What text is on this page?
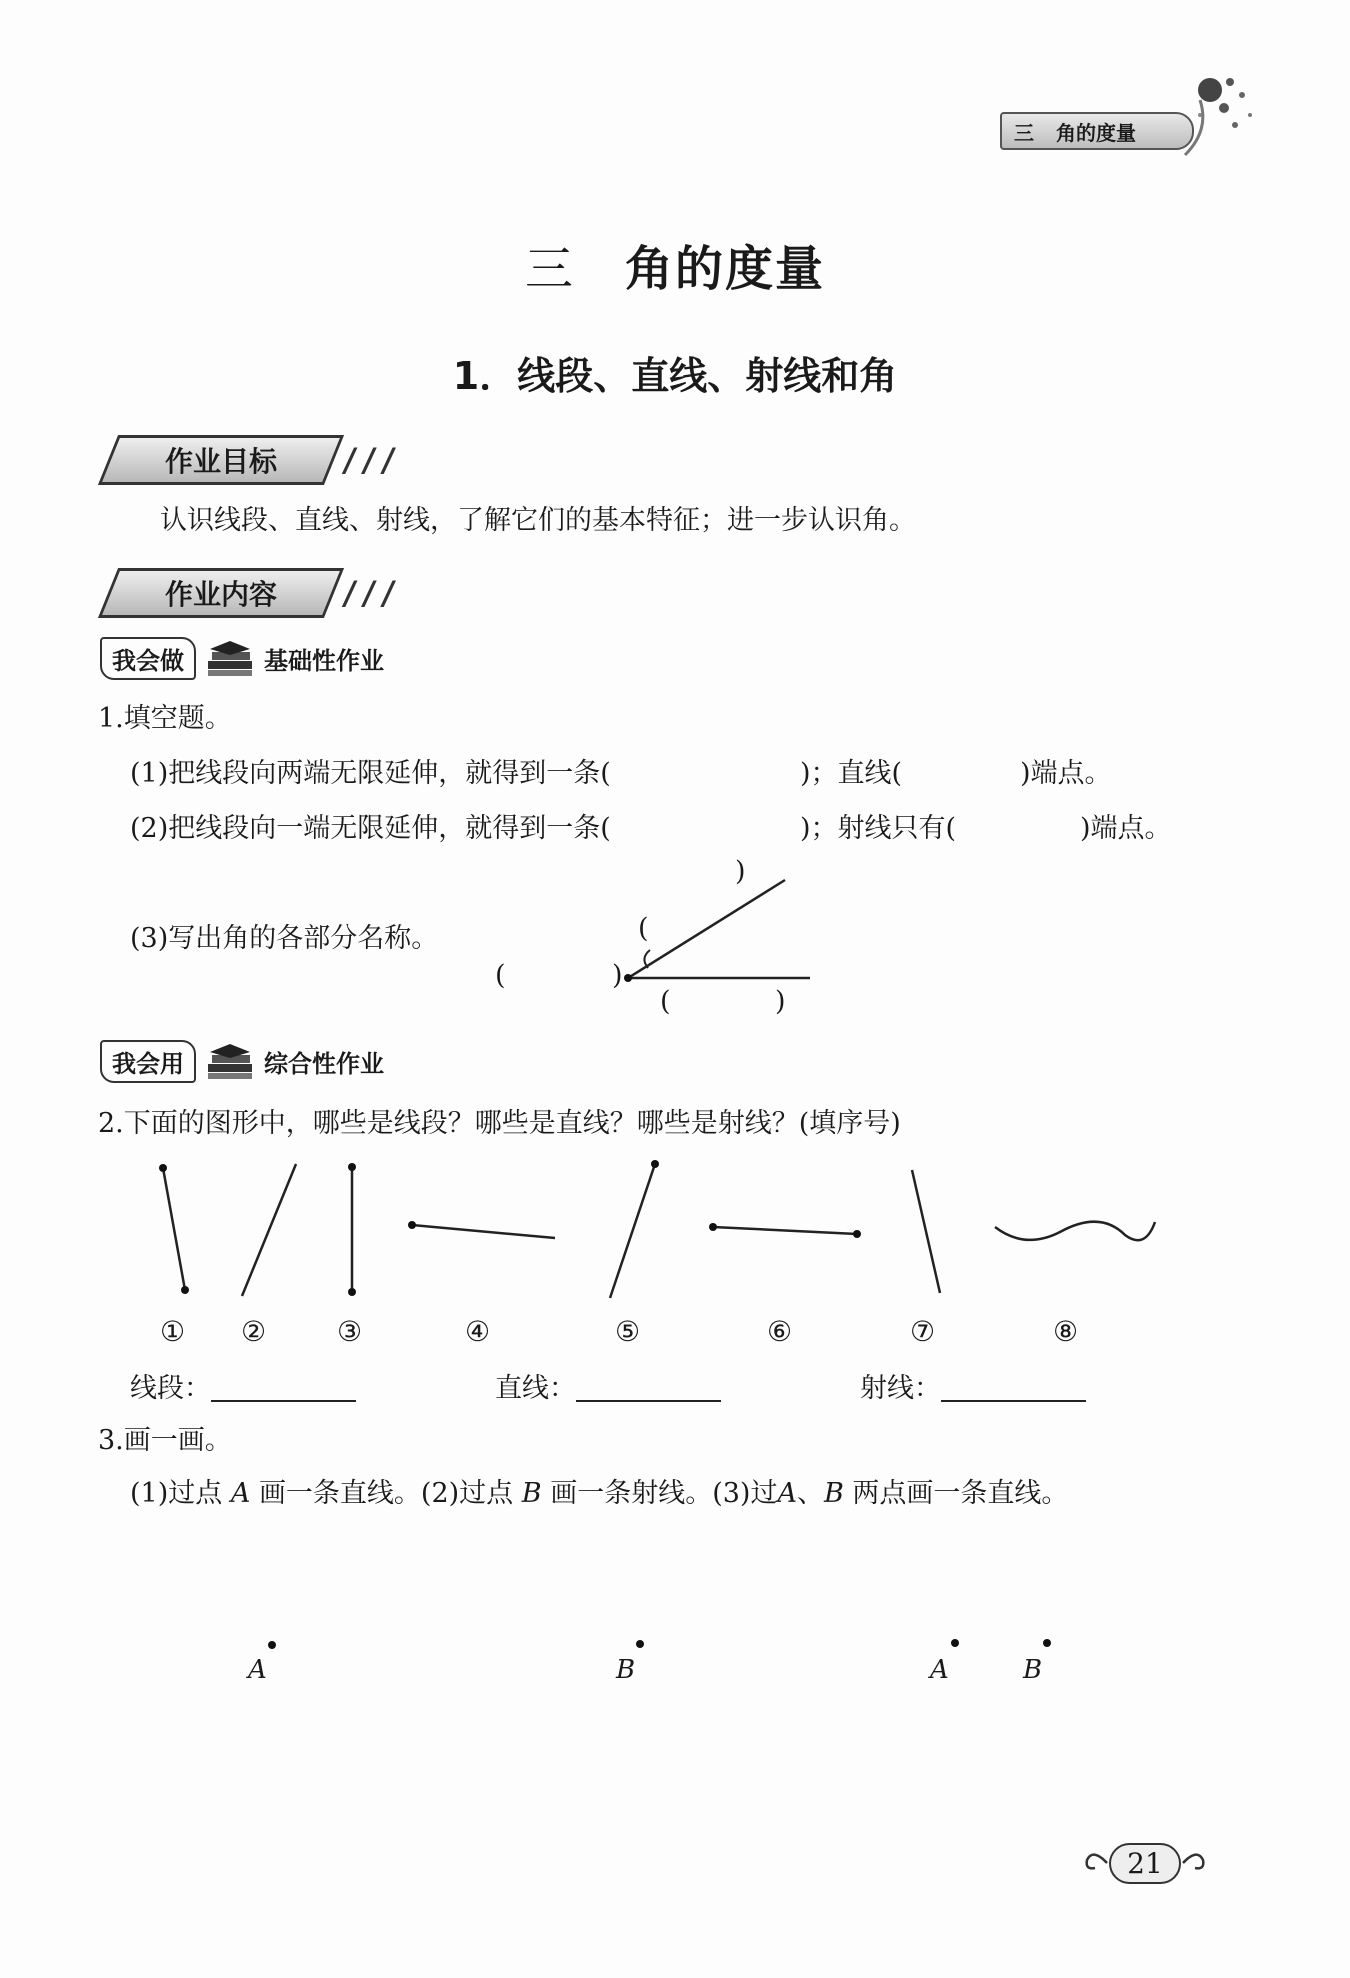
三	角的度量
三 角的度量
1．线段、直线、射线和角
作业目标 ///
认识线段、直线、射线，了解它们的基本特征；进一步认识角。
作业内容 ///
我会做	基础性作业
1.填空题。
(1)把线段向两端无限延伸，就得到一条(	)；直线(	)端点。
(2)把线段向一端无限延伸，就得到一条(	)；射线只有(	)端点。
(3)写出角的各部分名称。
)
(
(	)
(	)
我会用	综合性作业
2.下面的图形中，哪些是线段？哪些是直线？哪些是射线？(填序号)
① ②	③	④	⑤	⑥	⑦	⑧
线段：	直线：	射线：
3.画一画。
(1)过点 A 画一条直线。(2)过点 B 画一条射线。(3)过A、B 两点画一条直线。
A	B	A	B
21
